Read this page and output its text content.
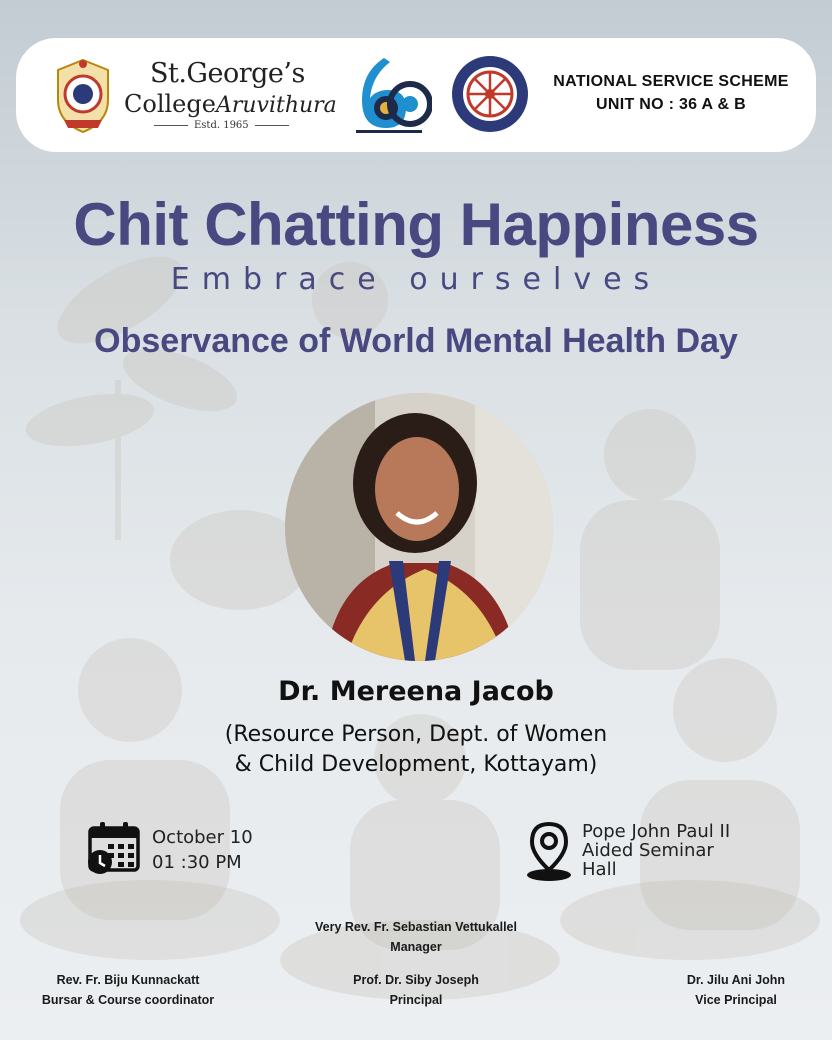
St.George’s
CollegeAruvithura
Estd. 1965
NATIONAL SERVICE SCHEME
UNIT NO : 36 A & B
Chit Chatting Happiness
Embrace ourselves
Observance of World Mental Health Day
Dr. Mereena Jacob
(Resource Person, Dept. of Women
& Child Development, Kottayam)
October 10
01 :30 PM
Pope John Paul II
Aided Seminar
Hall
Very Rev. Fr. Sebastian Vettukallel
Manager
Rev. Fr. Biju Kunnackatt
Bursar & Course coordinator
Prof. Dr. Siby Joseph
Principal
Dr. Jilu Ani John
Vice Principal
